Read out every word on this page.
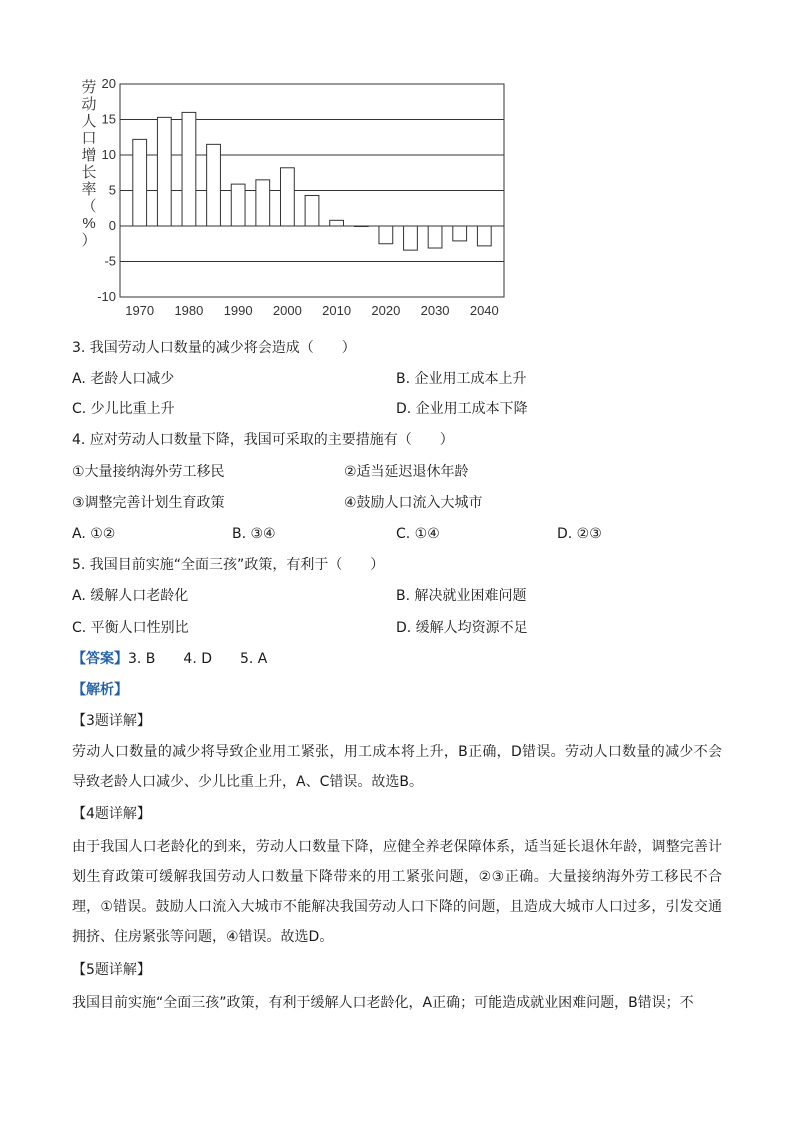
劳
动
人
口
增
长
率
（
%
）
20
15
10
5
0
-5
-10
1970 1980 1990 2000 2010 2020 2030 2040
3. 我国劳动人口数量的减少将会造成（　　）
A. 老龄人口减少	B. 企业用工成本上升
C. 少儿比重上升	D. 企业用工成本下降
4. 应对劳动人口数量下降，我国可采取的主要措施有（　　）
①大量接纳海外劳工移民	②适当延迟退休年龄
③调整完善计划生育政策	④鼓励人口流入大城市
A. ①②	B. ③④	C. ①④	D. ②③
5. 我国目前实施“全面三孩”政策，有利于（　　）
A. 缓解人口老龄化	B. 解决就业困难问题
C. 平衡人口性别比	D. 缓解人均资源不足
【答案】3. B　　4. D　　5. A
【解析】
【3题详解】
劳动人口数量的减少将导致企业用工紧张，用工成本将上升，B正确，D错误。劳动人口数量的减少不会导致老龄人口减少、少儿比重上升，A、C错误。故选B。
【4题详解】
由于我国人口老龄化的到来，劳动人口数量下降，应健全养老保障体系，适当延长退休年龄，调整完善计划生育政策可缓解我国劳动人口数量下降带来的用工紧张问题，②③正确。大量接纳海外劳工移民不合理，①错误。鼓励人口流入大城市不能解决我国劳动人口下降的问题，且造成大城市人口过多，引发交通拥挤、住房紧张等问题，④错误。故选D。
【5题详解】
我国目前实施“全面三孩”政策，有利于缓解人口老龄化，A正确；可能造成就业困难问题，B错误；不
